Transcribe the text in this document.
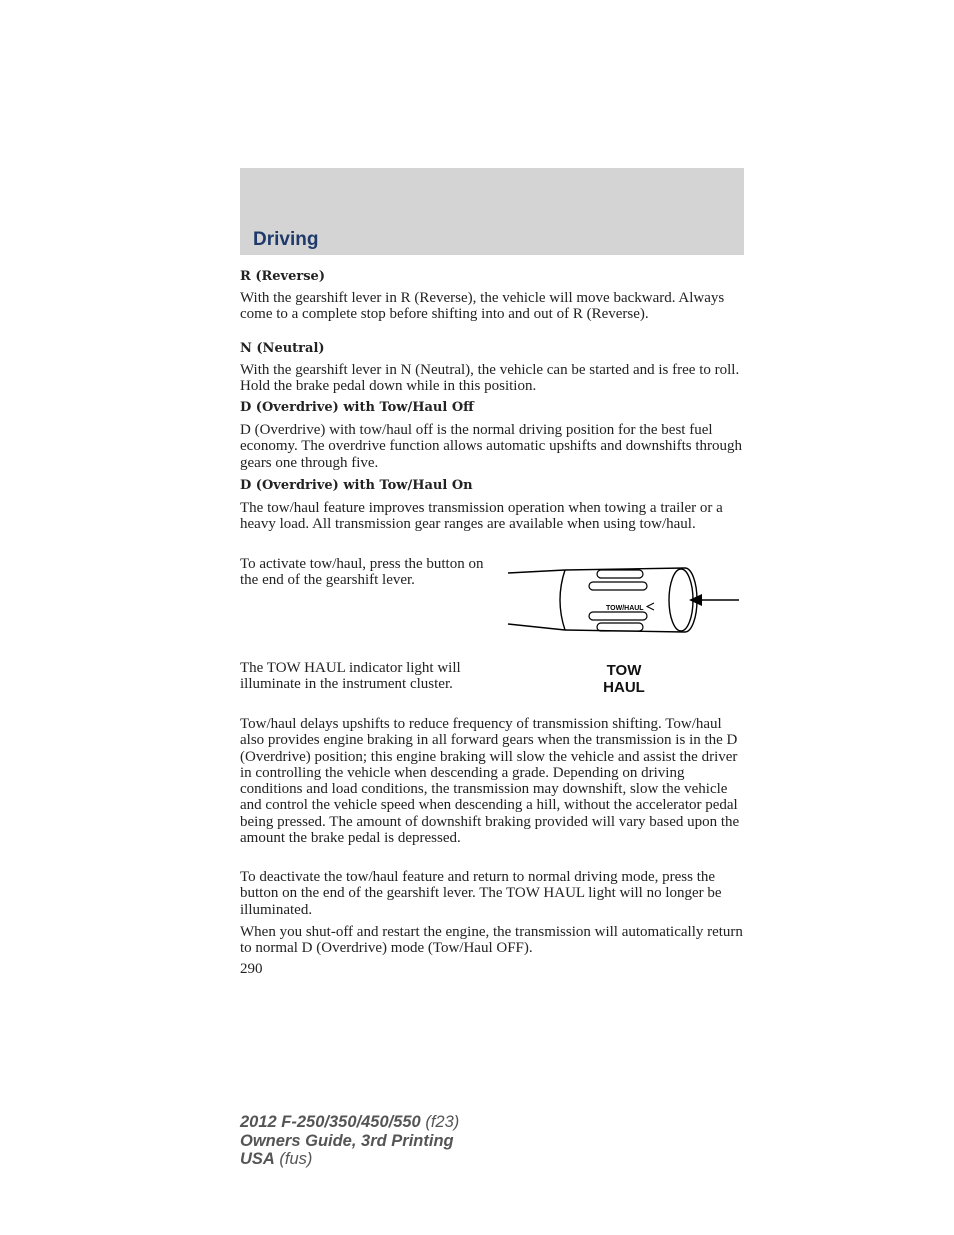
Driving
R (Reverse)
With the gearshift lever in R (Reverse), the vehicle will move backward. Always come to a complete stop before shifting into and out of R (Reverse).
N (Neutral)
With the gearshift lever in N (Neutral), the vehicle can be started and is free to roll. Hold the brake pedal down while in this position.
D (Overdrive) with Tow/Haul Off
D (Overdrive) with tow/haul off is the normal driving position for the best fuel economy. The overdrive function allows automatic upshifts and downshifts through gears one through five.
D (Overdrive) with Tow/Haul On
The tow/haul feature improves transmission operation when towing a trailer or a heavy load. All transmission gear ranges are available when using tow/haul.
To activate tow/haul, press the button on the end of the gearshift lever.
TOW/HAUL
The TOW HAUL indicator light will illuminate in the instrument cluster.
TOW
HAUL
Tow/haul delays upshifts to reduce frequency of transmission shifting. Tow/haul also provides engine braking in all forward gears when the transmission is in the D (Overdrive) position; this engine braking will slow the vehicle and assist the driver in controlling the vehicle when descending a grade. Depending on driving conditions and load conditions, the transmission may downshift, slow the vehicle and control the vehicle speed when descending a hill, without the accelerator pedal being pressed. The amount of downshift braking provided will vary based upon the amount the brake pedal is depressed.
To deactivate the tow/haul feature and return to normal driving mode, press the button on the end of the gearshift lever. The TOW HAUL light will no longer be illuminated.
When you shut-off and restart the engine, the transmission will automatically return to normal D (Overdrive) mode (Tow/Haul OFF).
290
2012 F-250/350/450/550 (f23)
Owners Guide, 3rd Printing
USA (fus)
